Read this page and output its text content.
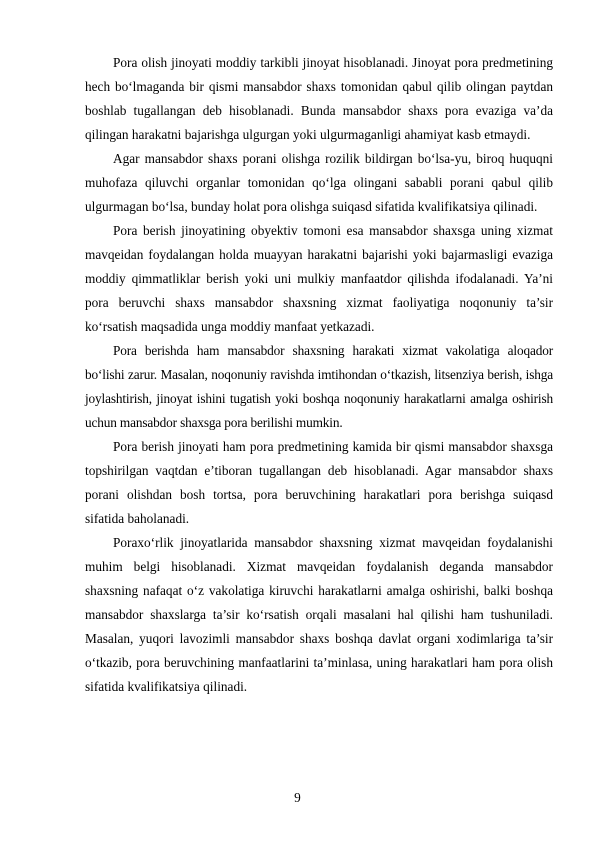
Pora olish jinoyati moddiy tarkibli jinoyat hisoblanadi. Jinoyat pora predmetining hech bo‘lmaganda bir qismi mansabdor shaxs tomonidan qabul qilib olingan paytdan boshlab tugallangan deb hisoblanadi. Bunda mansabdor shaxs pora evaziga va’da qilingan harakatni bajarishga ulgurgan yoki ulgurmaganligi ahamiyat kasb etmaydi.

Agar mansabdor shaxs porani olishga rozilik bildirgan bo‘lsa-yu, biroq huquqni muhofaza qiluvchi organlar tomonidan qo‘lga olingani sababli porani qabul qilib ulgurmagan bo‘lsa, bunday holat pora olishga suiqasd sifatida kvalifikatsiya qilinadi.

Pora berish jinoyatining obyektiv tomoni esa mansabdor shaxsga uning xizmat mavqeidan foydalangan holda muayyan harakatni bajarishi yoki bajarmasligi evaziga moddiy qimmatliklar berish yoki uni mulkiy manfaatdor qilishda ifodalanadi. Ya’ni pora beruvchi shaxs mansabdor shaxsning xizmat faoliyatiga noqonuniy ta’sir ko‘rsatish maqsadida unga moddiy manfaat yetkazadi.

Pora berishda ham mansabdor shaxsning harakati xizmat vakolatiga aloqador bo‘lishi zarur. Masalan, noqonuniy ravishda imtihondan o‘tkazish, litsenziya berish, ishga joylashtirish, jinoyat ishini tugatish yoki boshqa noqonuniy harakatlarni amalga oshirish uchun mansabdor shaxsga pora berilishi mumkin.

Pora berish jinoyati ham pora predmetining kamida bir qismi mansabdor shaxsga topshirilgan vaqtdan e’tiboran tugallangan deb hisoblanadi. Agar mansabdor shaxs porani olishdan bosh tortsa, pora beruvchining harakatlari pora berishga suiqasd sifatida baholanadi.

Poraxo‘rlik jinoyatlarida mansabdor shaxsning xizmat mavqeidan foydalanishi muhim belgi hisoblanadi. Xizmat mavqeidan foydalanish deganda mansabdor shaxsning nafaqat o‘z vakolatiga kiruvchi harakatlarni amalga oshirishi, balki boshqa mansabdor shaxslarga ta’sir ko‘rsatish orqali masalani hal qilishi ham tushuniladi. Masalan, yuqori lavozimli mansabdor shaxs boshqa davlat organi xodimlariga ta’sir o‘tkazib, pora beruvchining manfaatlarini ta’minlasa, uning harakatlari ham pora olish sifatida kvalifikatsiya qilinadi.

9
